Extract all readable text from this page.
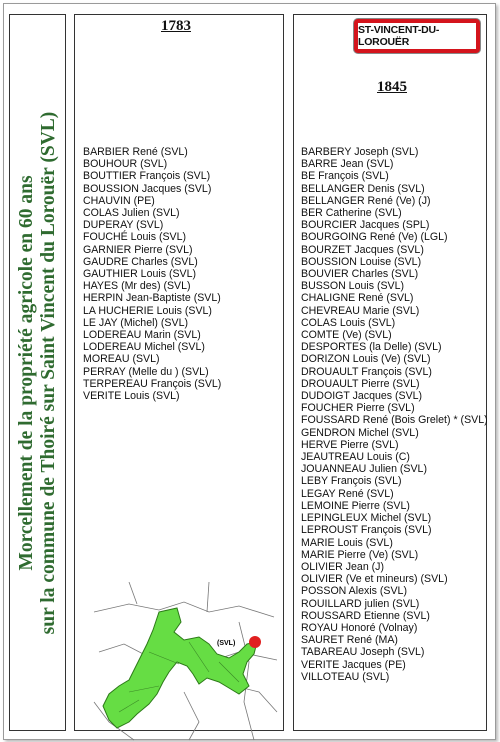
Morcellement de la propriété agricole en 60 ans sur la commune de Thoiré sur Saint Vincent du Lorouër (SVL)
1783
BARBIER René (SVL)
BOUHOUR (SVL)
BOUTTIER François (SVL)
BOUSSION Jacques (SVL)
CHAUVIN (PE)
COLAS Julien (SVL)
DUPERAY (SVL)
FOUCHÉ Louis (SVL)
GARNIER Pierre (SVL)
GAUDRE Charles (SVL)
GAUTHIER Louis (SVL)
HAYES (Mr des) (SVL)
HERPIN Jean-Baptiste (SVL)
LA HUCHERIE Louis (SVL)
LE JAY (Michel) (SVL)
LODEREAU Marin (SVL)
LODEREAU Michel (SVL)
MOREAU (SVL)
PERRAY (Melle du ) (SVL)
TERPEREAU François (SVL)
VERITE Louis (SVL)
(SVL)
ST-VINCENT-DU-LOROUËR
1845
BARBERY Joseph (SVL)
BARRE Jean (SVL)
BE François (SVL)
BELLANGER Denis (SVL)
BELLANGER René (Ve) (J)
BER Catherine (SVL)
BOURCIER Jacques (SPL)
BOURGOING René (Ve) (LGL)
BOURZET Jacques (SVL)
BOUSSION Louise (SVL)
BOUVIER Charles (SVL)
BUSSON Louis (SVL)
CHALIGNE René (SVL)
CHEVREAU Marie (SVL)
COLAS Louis (SVL)
COMTE (Ve) (SVL)
DESPORTES (la Delle) (SVL)
DORIZON Louis (Ve) (SVL)
DROUAULT François (SVL)
DROUAULT Pierre (SVL)
DUDOIGT Jacques (SVL)
FOUCHER Pierre (SVL)
FOUSSARD René (Bois Grelet) * (SVL)
GENDRON Michel (SVL)
HERVE Pierre (SVL)
JEAUTREAU Louis (C)
JOUANNEAU Julien (SVL)
LEBY François (SVL)
LEGAY René (SVL)
LEMOINE Pierre (SVL)
LEPINGLEUX Michel (SVL)
LEPROUST François (SVL)
MARIE Louis (SVL)
MARIE Pierre (Ve) (SVL)
OLIVIER Jean (J)
OLIVIER (Ve et mineurs) (SVL)
POSSON Alexis (SVL)
ROUILLARD julien (SVL)
ROUSSARD Etienne (SVL)
ROYAU Honoré (Volnay)
SAURET René (MA)
TABAREAU Joseph (SVL)
VERITE Jacques (PE)
VILLOTEAU (SVL)
